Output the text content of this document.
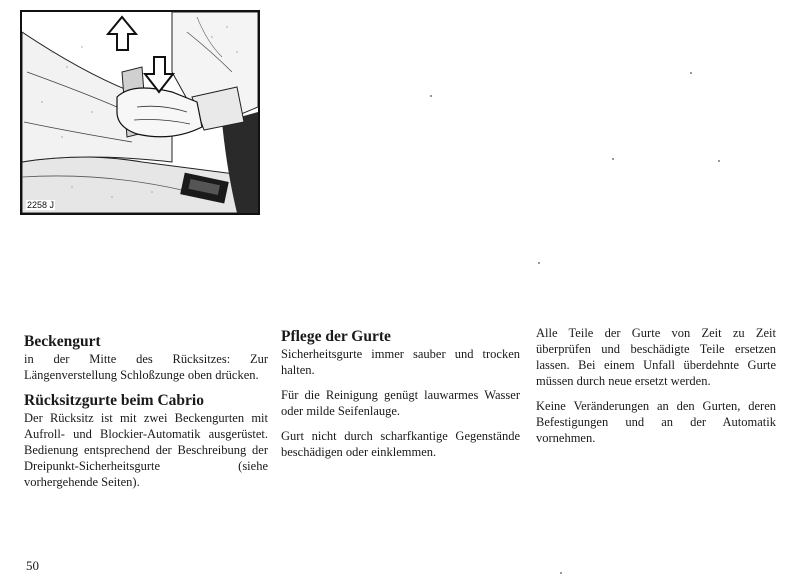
2258 J
Beckengurt

in der Mitte des Rücksitzes: Zur Längenverstellung Schloßzunge oben drücken.

Rücksitzgurte beim Cabrio

Der Rücksitz ist mit zwei Beckengurten mit Aufroll- und Blockier-Automatik ausgerüstet. Bedienung entsprechend der Beschreibung der Dreipunkt-Sicherheitsgurte (siehe vorhergehende Seiten).

Pflege der Gurte

Sicherheitsgurte immer sauber und trocken halten.

Für die Reinigung genügt lauwarmes Wasser oder milde Seifenlauge.

Gurt nicht durch scharfkantige Gegenstände beschädigen oder einklemmen.

Alle Teile der Gurte von Zeit zu Zeit überprüfen und beschädigte Teile ersetzen lassen. Bei einem Unfall überdehnte Gurte müssen durch neue ersetzt werden.

Keine Veränderungen an den Gurten, deren Befestigungen und an der Automatik vornehmen.

50
